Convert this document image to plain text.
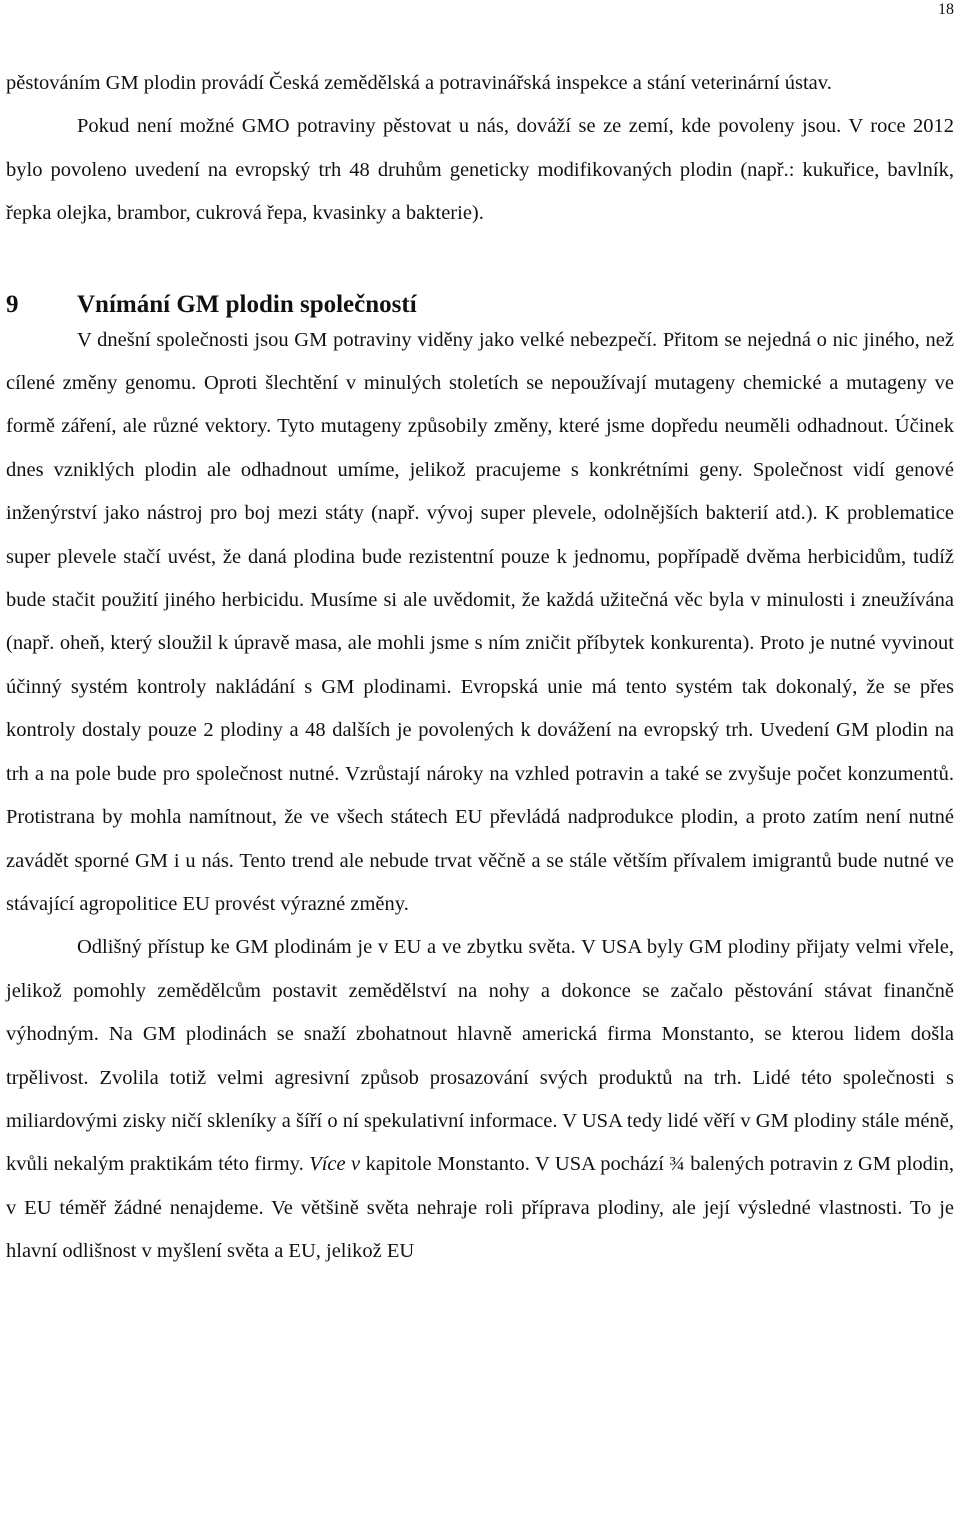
18

pěstováním GM plodin provádí Česká zemědělská a potravinářská inspekce a stání veterinární ústav.

Pokud není možné GMO potraviny pěstovat u nás, dováží se ze zemí, kde povoleny jsou. V roce 2012 bylo povoleno uvedení na evropský trh 48 druhům geneticky modifikovaných plodin (např.: kukuřice, bavlník, řepka olejka, brambor, cukrová řepa, kvasinky a bakterie).

9	Vnímání GM plodin společností

V dnešní společnosti jsou GM potraviny viděny jako velké nebezpečí. Přitom se nejedná o nic jiného, než cílené změny genomu. Oproti šlechtění v minulých stoletích se nepoužívají mutageny chemické a mutageny ve formě záření, ale různé vektory. Tyto mutageny způsobily změny, které jsme dopředu neuměli odhadnout. Účinek dnes vzniklých plodin ale odhadnout umíme, jelikož pracujeme s konkrétními geny. Společnost vidí genové inženýrství jako nástroj pro boj mezi státy (např. vývoj super plevele, odolnějších bakterií atd.). K problematice super plevele stačí uvést, že daná plodina bude rezistentní pouze k jednomu, popřípadě dvěma herbicidům, tudíž bude stačit použití jiného herbicidu. Musíme si ale uvědomit, že každá užitečná věc byla v minulosti i zneužívána (např. oheň, který sloužil k úpravě masa, ale mohli jsme s ním zničit příbytek konkurenta). Proto je nutné vyvinout účinný systém kontroly nakládání s GM plodinami. Evropská unie má tento systém tak dokonalý, že se přes kontroly dostaly pouze 2 plodiny a 48 dalších je povolených k dovážení na evropský trh. Uvedení GM plodin na trh a na pole bude pro společnost nutné. Vzrůstají nároky na vzhled potravin a také se zvyšuje počet konzumentů. Protistrana by mohla namítnout, že ve všech státech EU převládá nadprodukce plodin, a proto zatím není nutné zavádět sporné GM i u nás. Tento trend ale nebude trvat věčně a se stále větším přívalem imigrantů bude nutné ve stávající agropolitice EU provést výrazné změny.

Odlišný přístup ke GM plodinám je v EU a ve zbytku světa. V USA byly GM plodiny přijaty velmi vřele, jelikož pomohly zemědělcům postavit zemědělství na nohy a dokonce se začalo pěstování stávat finančně výhodným. Na GM plodinách se snaží zbohatnout hlavně americká firma Monstanto, se kterou lidem došla trpělivost. Zvolila totiž velmi agresivní způsob prosazování svých produktů na trh. Lidé této společnosti s miliardovými zisky ničí skleníky a šíří o ní spekulativní informace. V USA tedy lidé věří v GM plodiny stále méně, kvůli nekalým praktikám této firmy. Více v kapitole Monstanto. V USA pochází ¾ balených potravin z GM plodin, v EU téměř žádné nenajdeme. Ve většině světa nehraje roli příprava plodiny, ale její výsledné vlastnosti. To je hlavní odlišnost v myšlení světa a EU, jelikož EU
